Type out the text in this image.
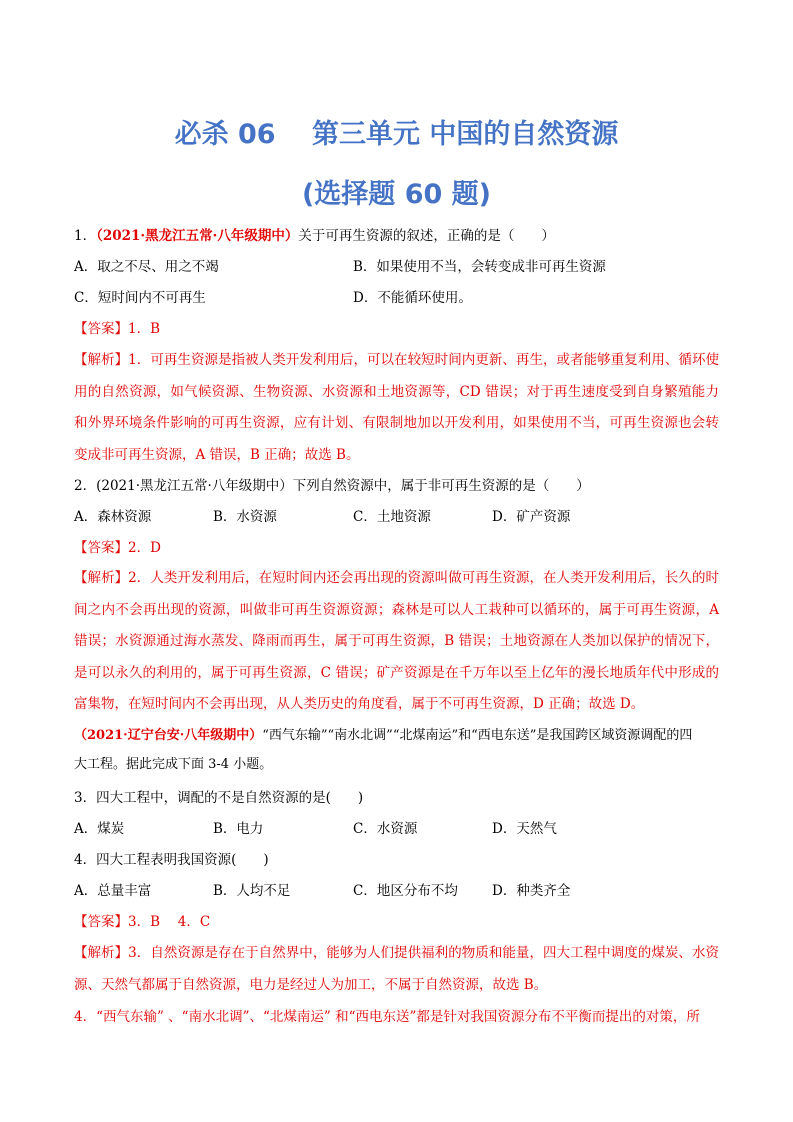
必杀 06　 第三单元 中国的自然资源
(选择题 60 题)
1．（2021·黑龙江五常·八年级期中）关于可再生资源的叙述，正确的是（　　）
A．取之不尽、用之不竭	B．如果使用不当，会转变成非可再生资源
C．短时间内不可再生	D．不能循环使用。
【答案】1．B
【解析】1．可再生资源是指被人类开发利用后，可以在较短时间内更新、再生，或者能够重复利用、循环使用的自然资源，如气候资源、生物资源、水资源和土地资源等，CD 错误；对于再生速度受到自身繁殖能力和外界环境条件影响的可再生资源，应有计划、有限制地加以开发利用，如果使用不当，可再生资源也会转变成非可再生资源，A 错误，B 正确；故选 B。
2．(2021·黑龙江五常·八年级期中）下列自然资源中，属于非可再生资源的是（　　）
A．森林资源	B．水资源	C．土地资源	D．矿产资源
【答案】2．D
【解析】2．人类开发利用后，在短时间内还会再出现的资源叫做可再生资源，在人类开发利用后，长久的时间之内不会再出现的资源，叫做非可再生资源资源；森林是可以人工栽种可以循环的，属于可再生资源，A 错误；水资源通过海水蒸发、降雨而再生，属于可再生资源，B 错误；土地资源在人类加以保护的情况下，是可以永久的利用的，属于可再生资源，C 错误；矿产资源是在千万年以至上亿年的漫长地质年代中形成的富集物，在短时间内不会再出现，从人类历史的角度看，属于不可再生资源，D 正确；故选 D。
（2021·辽宁台安·八年级期中）“西气东输”“南水北调”“北煤南运”和“西电东送”是我国跨区域资源调配的四
大工程。据此完成下面 3-4 小题。
3．四大工程中，调配的不是自然资源的是(　　)
A．煤炭	B．电力	C．水资源	D．天然气
4．四大工程表明我国资源(　　)
A．总量丰富	B．人均不足	C．地区分布不均	D．种类齐全
【答案】3．B　 4．C
【解析】3．自然资源是存在于自然界中，能够为人们提供福利的物质和能量，四大工程中调度的煤炭、水资源、天然气都属于自然资源，电力是经过人为加工，不属于自然资源，故选 B。
4．“西气东输” 、“南水北调”、“北煤南运” 和“西电东送”都是针对我国资源分布不平衡而提出的对策，所
